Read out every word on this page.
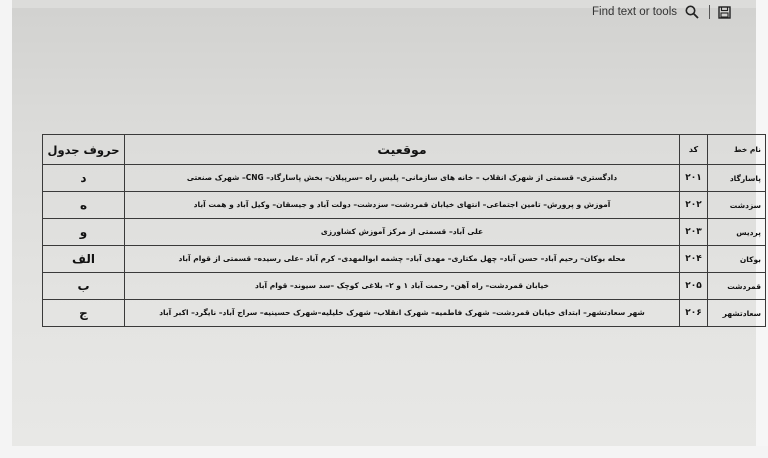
Find text or tools
نام خط	کد	موقعیت	حروف جدول
پاسارگاد	۲۰۱	دادگستری– قسمتی از شهرک انقلاب – خانه های سازمانی– پلیس راه –سرپیلان– بخش پاسارگاد– CNG– شهرک صنعتی	د
سزدشت	۲۰۲	آموزش و پرورش– تامین اجتماعی– انتهای خیابان قمردشت– سزدشت– دولت آباد و جیسقان– وکیل آباد و همت آباد	ه
پردیس	۲۰۳	علی آباد– قسمتی از مرکز آموزش کشاورزی	و
بوکان	۲۰۴	محله بوکان– رحیم آباد– حسن آباد– چهل مکتاری– مهدی آباد– چشمه ابوالمهدی– کرم آباد –علی رسیده– قسمتی از قوام آباد	الف
قمردشت	۲۰۵	خیابان قمردشت– راه آهن– رحمت آباد ۱ و ۲– بلاغی کوچک –سد سیوند– قوام آباد	ب
سعادتشهر	۲۰۶	شهر سعادتشهر– ابتدای خیابان قمردشت– شهرک فاطمیه– شهرک انقلاب– شهرک خلیلیه–شهرک حسینیه– سراج آباد– نایگرد– اکبر آباد	ج
